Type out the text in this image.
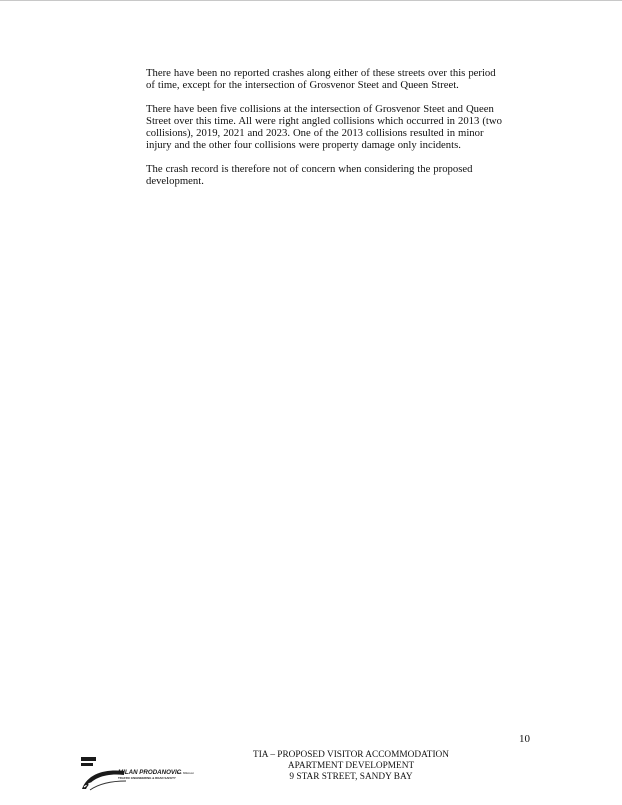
There have been no reported crashes along either of these streets over this period of time, except for the intersection of Grosvenor Steet and Queen Street.

There have been five collisions at the intersection of Grosvenor Steet and Queen Street over this time. All were right angled collisions which occurred in 2013 (two collisions), 2019, 2021 and 2023. One of the 2013 collisions resulted in minor injury and the other four collisions were property damage only incidents.

The crash record is therefore not of concern when considering the proposed development.

10
MILAN PRODANOVIC
B.E. MIEAust
TRAFFIC ENGINEERING & ROAD SAFETY
TIA – PROPOSED VISITOR ACCOMMODATION
APARTMENT DEVELOPMENT
9 STAR STREET, SANDY BAY
